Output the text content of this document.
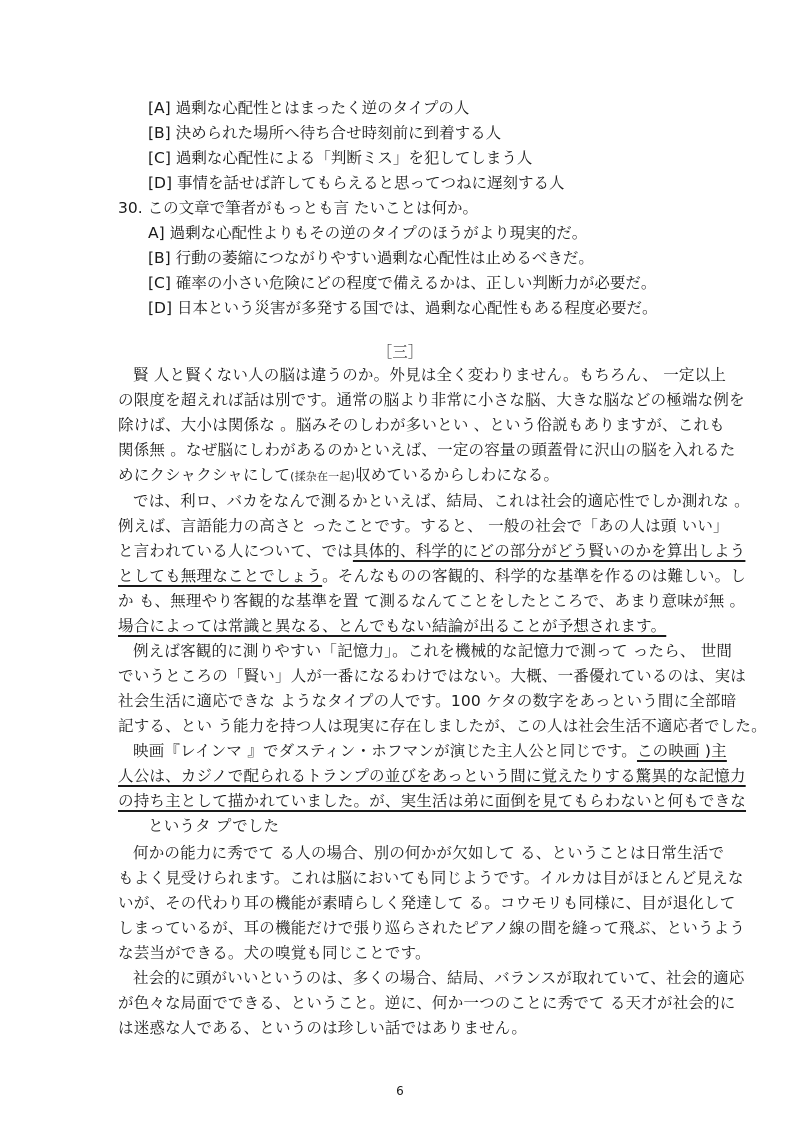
[A] 過剰な心配性とはまったく逆のタイプの人
[B] 決められた場所へ待ち合せ時刻前に到着する人
[C] 過剰な心配性による「判断ミス」を犯してしまう人
[D] 事情を話せば許してもらえると思ってつねに遅刻する人
30. この文章で筆者がもっとも言 たいことは何か。
A] 過剰な心配性よりもその逆のタイプのほうがより現実的だ。
[B] 行動の萎縮につながりやすい過剰な心配性は止めるべきだ。
[C] 確率の小さい危険にどの程度で備えるかは、正しい判断力が必要だ。
[D] 日本という災害が多発する国では、過剰な心配性もある程度必要だ。
［三］
賢 人と賢くない人の脳は違うのか。外見は全く変わりません。もちろん、 一定以上
の限度を超えれば話は別です。通常の脳より非常に小さな脳、大きな脳などの極端な例を
除けば、大小は関係な 。脳みそのしわが多いとい 、という俗説もありますが、これも
関係無 。なぜ脳にしわがあるのかといえば、一定の容量の頭蓋骨に沢山の脳を入れるた
めにクシャクシャにして(揉杂在一起)収めているからしわになる。
では、利ロ、バカをなんで測るかといえば、結局、これは社会的適応性でしか測れな 。
例えば、言語能力の高さと ったことです。すると、 一般の社会で「あの人は頭 いい」
と言われている人について、では具体的、科学的にどの部分がどう賢いのかを算出しよう
としても無理なことでしょう。そんなものの客観的、科学的な基準を作るのは難しい。し
か も、無理やり客観的な基準を置 て測るなんてことをしたところで、あまり意味が無 。
場合によっては常識と異なる、とんでもない結論が出ることが予想されます。
例えば客観的に測りやすい「記憶力」。これを機械的な記憶力で測って ったら、 世間
でいうところの「賢い」人が一番になるわけではない。大概、一番優れているのは、実は
社会生活に適応できな ようなタイプの人です。100 ケタの数字をあっという間に全部暗
記する、とい う能力を持つ人は現実に存在しましたが、この人は社会生活不適応者でした。
映画『レインマ 』でダスティン・ホフマンが演じた主人公と同じです。この映画 )主
人公は、カジノで配られるトランプの並びをあっという間に覚えたりする驚異的な記憶力
の持ち主として描かれていました。が、実生活は弟に面倒を見てもらわないと何もできな
というタ プでした
何かの能力に秀でて る人の場合、別の何かが欠如して る、ということは日常生活で
もよく見受けられます。これは脳においても同じようです。イルカは目がほとんど見えな
いが、その代わり耳の機能が素晴らしく発達して る。コウモリも同様に、目が退化して
しまっているが、耳の機能だけで張り巡らされたピアノ線の間を縫って飛ぶ、というよう
な芸当ができる。犬の嗅覚も同じことです。
社会的に頭がいいというのは、多くの場合、結局、バランスが取れていて、社会的適応
が色々な局面でできる、ということ。逆に、何か一つのことに秀でて る天才が社会的に
は迷惑な人である、というのは珍しい話ではありません。
6
